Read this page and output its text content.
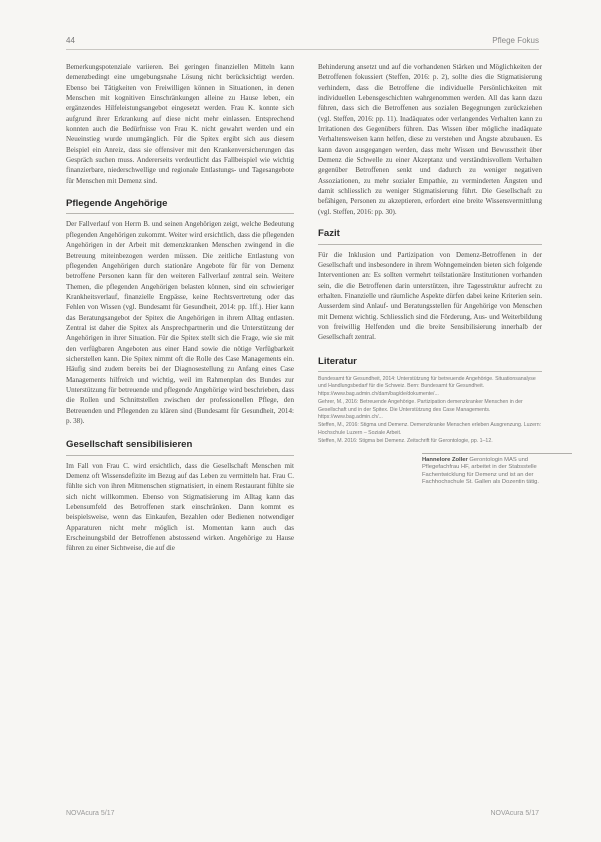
44	Pflege Fokus

Bemerkungspotenziale variieren. Bei geringen finanziellen Mitteln kann demenzbedingt eine umgebungsnahe Lösung nicht berücksichtigt werden. Ebenso bei Tätigkeiten von Freiwilligen können in Situationen, in denen Menschen mit kognitiven Einschränkungen alleine zu Hause leben, ein ergänzendes Hilfeleistungsangebot eingesetzt werden. Frau K. konnte sich aufgrund ihrer Erkrankung auf diese nicht mehr einlassen. Entsprechend konnten auch die Bedürfnisse von Frau K. nicht gewahrt werden und ein Neueinstieg wurde unumgänglich. Für die Spitex ergibt sich aus diesem Beispiel ein Anreiz, dass sie offensiver mit den Krankenversicherungen das Gespräch suchen muss. Andererseits verdeutlicht das Fallbeispiel wie wichtig finanzierbare, niederschwellige und regionale Entlastungs- und Tagesangebote für Menschen mit Demenz sind.

Pflegende Angehörige

Der Fallverlauf von Herrn B. und seinen Angehörigen zeigt, welche Bedeutung pflegenden Angehörigen zukommt. Weiter wird ersichtlich, dass die pflegenden Angehörigen in der Arbeit mit demenzkranken Menschen zwingend in die Betreuung miteinbezogen werden müssen. Die zeitliche Entlastung von pflegenden Angehörigen durch stationäre Angebote für für von Demenz betroffene Personen kann für den weiteren Fallverlauf zentral sein. Weitere Themen, die pflegenden Angehörigen belasten können, sind ein schwieriger Krankheitsverlauf, finanzielle Engpässe, keine Rechtsvertretung oder das Fehlen von Wissen (vgl. Bundesamt für Gesundheit, 2014: pp. 1ff.). Hier kann das Beratungsangebot der Spitex die Angehörigen in ihrem Alltag entlasten. Zentral ist daher die Spitex als Ansprechpartnerin und die Unterstützung der Angehörigen in ihrer Situation. Für die Spitex stellt sich die Frage, wie sie mit den verfügbaren Angeboten aus einer Hand sowie die nötige Verfügbarkeit sicherstellen kann. Die Spitex nimmt oft die Rolle des Case Managements ein. Häufig sind zudem bereits bei der Diagnosestellung zu Anfang eines Case Managements hilfreich und wichtig, weil im Rahmenplan des Bundes zur Unterstützung für betreuende und pflegende Angehörige wird beschrieben, dass die Rollen und Schnittstellen zwischen der professionellen Pflege, den Betreuenden und Pflegenden zu klären sind (Bundesamt für Gesundheit, 2014: p. 38).

Gesellschaft sensibilisieren

Im Fall von Frau C. wird ersichtlich, dass die Gesellschaft Menschen mit Demenz oft Wissensdefizite im Bezug auf das Leben zu vermitteln hat. Frau C. fühlte sich von ihren Mitmenschen stigmatisiert, in einem Restaurant fühlte sie sich nicht willkommen. Ebenso von Stigmatisierung im Alltag kann das Lebensumfeld des Betroffenen stark einschränken. Dann kommt es beispielsweise, wenn das Einkaufen, Bezahlen oder Bedienen notwendiger Apparaturen nicht mehr möglich ist. Momentan kann auch das Erscheinungsbild der Betroffenen abstossend wirken. Angehörige zu Hause führen zu einer Sichtweise, die auf die

Behinderung ansetzt und auf die vorhandenen Stärken und Möglichkeiten der Betroffenen fokussiert (Steffen, 2016: p. 2), sollte dies die Stigmatisierung verhindern, dass die Betroffene die individuelle Persönlichkeiten mit individuellen Lebensgeschichten wahrgenommen werden. All das kann dazu führen, dass sich die Betroffenen aus sozialen Begegnungen zurückziehen (vgl. Steffen, 2016: pp. 11). Inadäquates oder verlangendes Verhalten kann zu Irritationen des Gegenübers führen. Das Wissen über mögliche inadäquate Verhaltensweisen kann helfen, diese zu verstehen und Ängste abzubauen. Es kann davon ausgegangen werden, dass mehr Wissen und Bewusstheit über Demenz die Schwelle zu einer Akzeptanz und verständnisvollem Verhalten gegenüber Betroffenen senkt und dadurch zu weniger negativen Assoziationen, zu mehr sozialer Empathie, zu verminderten Ängsten und damit schliesslich zu weniger Stigmatisierung führt. Die Gesellschaft zu befähigen, Personen zu akzeptieren, erfordert eine breite Wissensvermittlung (vgl. Steffen, 2016: pp. 30).

Fazit

Für die Inklusion und Partizipation von Demenz-Betroffenen in der Gesellschaft und insbesondere in ihrem Wohngemeinden bieten sich folgende Interventionen an: Es sollten vermehrt teilstationäre Institutionen vorhanden sein, die die Betroffenen darin unterstützen, ihre Tagesstruktur aufrecht zu erhalten. Finanzielle und räumliche Aspekte dürfen dabei keine Kriterien sein. Ausserdem sind Anlauf- und Beratungsstellen für Angehörige von Menschen mit Demenz wichtig. Schliesslich sind die Förderung, Aus- und Weiterbildung von freiwillig Helfenden und die breite Sensibilisierung innerhalb der Gesellschaft zentral.

Literatur

Bundesamt für Gesundheit, 2014: Unterstützung für betreuende Angehörige. Situationsanalyse und Handlungsbedarf für die Schweiz. Bern: Bundesamt für Gesundheit. https://www.bag.admin.ch/dam/bag/de/dokumente/...

Gehrer, M., 2016: Betreuende Angehörige. Partizipation demenzkranker Menschen in der Gesellschaft und in der Spitex. Die Unterstützung des Case Managements. https://www.bag.admin.ch/...

Steffen, M., 2016: Stigma und Demenz. Demenzkranke Menschen erleben Ausgrenzung. Luzern: Hochschule Luzern – Soziale Arbeit.

Steffen, M. 2016: Stigma bei Demenz. Zeitschrift für Gerontologie, pp. 1–12.

Hannelore Zoller Gerontologin MAS und Pflegefachfrau HF, arbeitet in der Stabsstelle Fachentwicklung für Demenz und ist an der Fachhochschule St. Gallen als Dozentin tätig.
NOVAcura 5/17	NOVAcura 5/17
